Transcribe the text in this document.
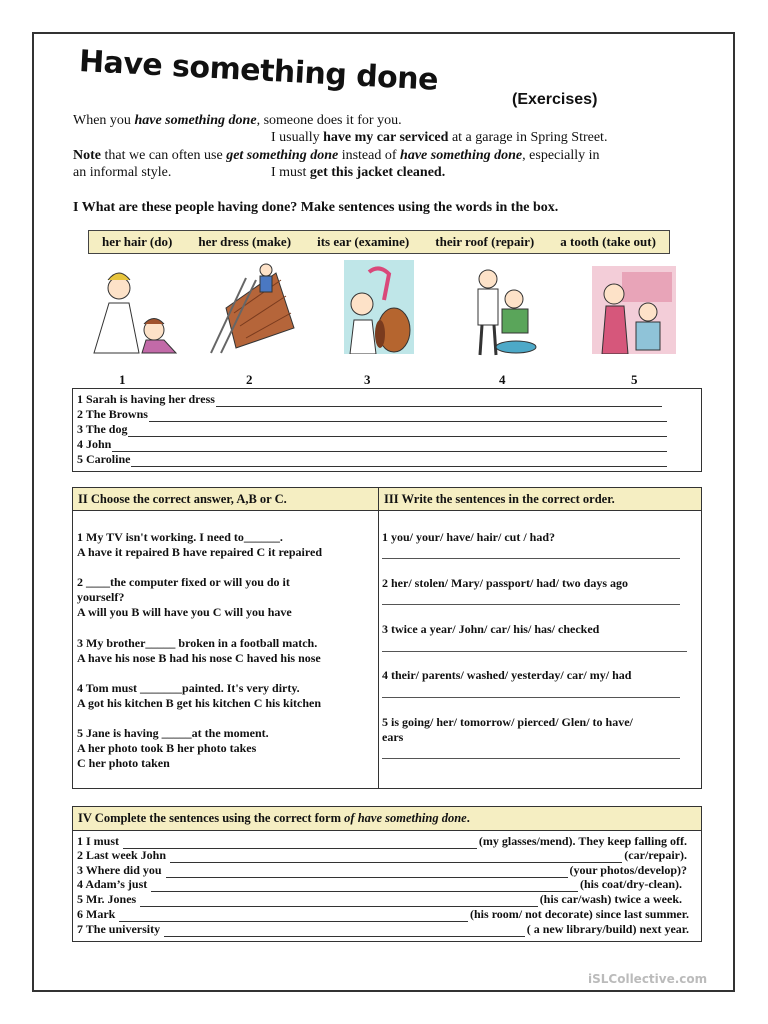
Have something done
(Exercises)
When you have something done, someone does it for you.
I usually have my car serviced at a garage in Spring Street.
Note that we can often use get something done instead of have something done, especially in
an informal style.	I must get this jacket cleaned.
I What are these people having done? Make sentences using the words in the box.
her hair (do) her dress (make) its ear (examine) their roof (repair) a tooth (take out)
1	2	3	4	5
1 Sarah is having her dress
2 The Browns
3 The dog
4 John
5 Caroline
II Choose the correct answer, A,B or C.	III Write the sentences in the correct order.
1 My TV isn't working. I need to______.
A have it repaired B have repaired C it repaired
2 ____the computer fixed or will you do it
yourself?
A will you B will have you C will you have
3 My brother_____ broken in a football match.
A have his nose B had his nose C haved his nose
4 Tom must _______painted. It's very dirty.
A got his kitchen B get his kitchen C his kitchen
5 Jane is having _____at the moment.
A her photo took B her photo takes
C her photo taken
1 you/ your/ have/ hair/ cut / had?
2 her/ stolen/ Mary/ passport/ had/ two days ago
3 twice a year/ John/ car/ his/ has/ checked
4 their/ parents/ washed/ yesterday/ car/ my/ had
5 is going/ her/ tomorrow/ pierced/ Glen/ to have/
ears
IV Complete the sentences using the correct form of have something done.
1 I must	(my glasses/mend). They keep falling off.
2 Last week John	(car/repair).
3 Where did you	(your photos/develop)?
4 Adam’s just	(his coat/dry-clean).
5 Mr. Jones	(his car/wash) twice a week.
6 Mark	(his room/ not decorate) since last summer.
7 The university	( a new library/build) next year.
iSLCollective.com
